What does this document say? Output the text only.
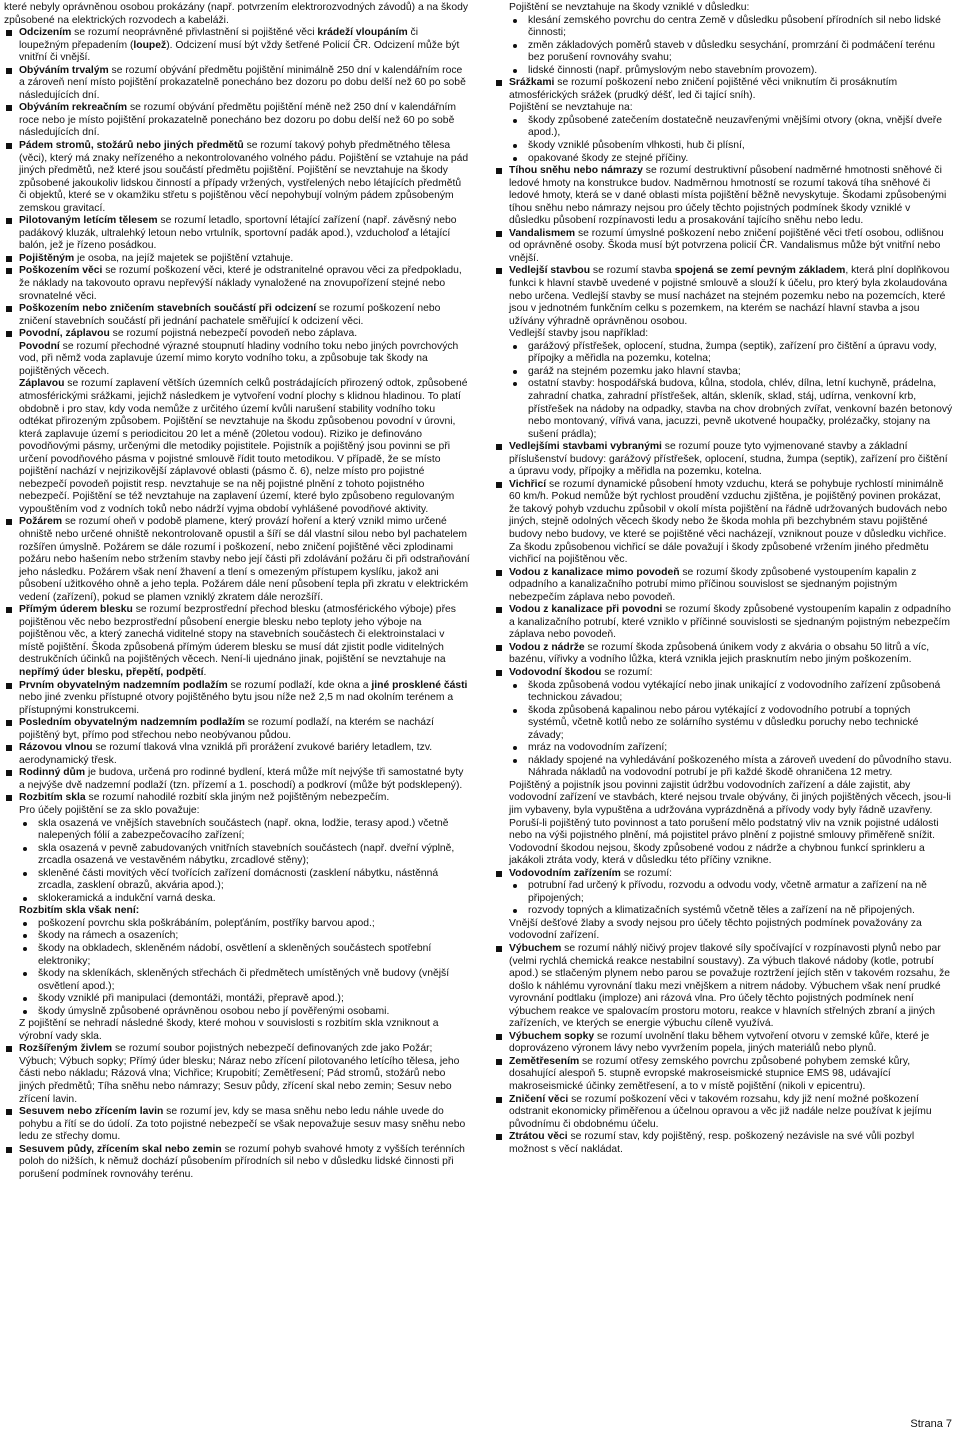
které nebyly oprávněnou osobou prokázány (např. potvrzením elektrorozvodných závodů) a na škody způsobené na elektrických rozvodech a kabeláži.
Odcizením se rozumí neoprávněné přivlastnění si pojištěné věci krádeží vloupáním či loupežným přepadením (loupež). Odcizení musí být vždy šetřené Policií ČR. Odcizení může být vnitřní či vnější.
Obýváním trvalým se rozumí obývání předmětu pojištění minimálně 250 dní v kalendářním roce a zároveň není místo pojištění prokazatelně ponecháno bez dozoru po dobu delší než 60 po sobě následujících dní.
Obýváním rekreačním se rozumí obývání předmětu pojištění méně než 250 dní v kalendářním roce nebo je místo pojištění prokazatelně ponecháno bez dozoru po dobu delší než 60 po sobě následujících dní.
Pádem stromů, stožárů nebo jiných předmětů se rozumí takový pohyb předmětného tělesa (věci), který má znaky neřízeného a nekontrolovaného volného pádu. Pojištění se vztahuje na pád jiných předmětů, než které jsou součástí předmětu pojištění. Pojištění se nevztahuje na škody způsobené jakoukoliv lidskou činností a případy vržených, vystřelených nebo létajících předmětů či objektů, které se v okamžiku střetu s pojištěnou věcí nepohybují volným pádem způsobeným zemskou gravitací.
Pilotovaným letícím tělesem se rozumí letadlo, sportovní létající zařízení (např. závěsný nebo padákový kluzák, ultralehký letoun nebo vrtulník, sportovní padák apod.), vzducholoď a létající balón, jež je řízeno posádkou.
Pojištěným je osoba, na jejíž majetek se pojištění vztahuje.
Poškozením věci se rozumí poškození věci, které je odstranitelné opravou věci za předpokladu, že náklady na takovouto opravu nepřevýší náklady vynaložené na znovupořízení stejné nebo srovnatelné věci.
Poškozením nebo zničením stavebních součástí při odcizení se rozumí poškození nebo zničení stavebních součástí při jednání pachatele směřující k odcizení věci.
Povodní, záplavou se rozumí pojistná nebezpečí povodeň nebo záplava.
Povodní se rozumí přechodné výrazné stoupnutí hladiny vodního toku nebo jiných povrchových vod, při němž voda zaplavuje území mimo koryto vodního toku, a způsobuje tak škody na pojištěných věcech.
Záplavou se rozumí zaplavení větších územních celků postrádajících přirozený odtok, způsobené atmosférickými srážkami, jejichž následkem je vytvoření vodní plochy s klidnou hladinou. To platí obdobně i pro stav, kdy voda nemůže z určitého území kvůli narušení stability vodního toku odtékat přirozeným způsobem. Pojištění se nevztahuje na škodu způsobenou povodní v úrovni, která zaplavuje území s periodicitou 20 let a méně (20letou vodou). Riziko je definováno povodňovými pásmy, určenými dle metodiky pojistitele. Pojistník a pojištěný jsou povinni se při určení povodňového pásma v pojistné smlouvě řídit touto metodikou. V případě, že se místo pojištění nachází v nejrizikovější záplavové oblasti (pásmo č. 6), nelze místo pro pojistné nebezpečí povodeň pojistit resp. nevztahuje se na něj pojistné plnění z tohoto pojistného nebezpečí. Pojištění se též nevztahuje na zaplavení území, které bylo způsobeno regulovaným vypouštěním vod z vodních toků nebo nádrží vyjma období vyhlášené povodňové aktivity.
Požárem se rozumí oheň v podobě plamene, který provází hoření a který vznikl mimo určené ohniště nebo určené ohniště nekontrolovaně opustil a šíří se dál vlastní silou nebo byl pachatelem rozšířen úmyslně. Požárem se dále rozumí i poškození, nebo zničení pojištěné věci zplodinami požáru nebo hašením nebo stržením stavby nebo její části při zdolávání požáru či při odstraňování jeho následku. Požárem však není žhavení a tlení s omezeným přístupem kyslíku, jakož ani působení užitkového ohně a jeho tepla. Požárem dále není působení tepla při zkratu v elektrickém vedení (zařízení), pokud se plamen vzniklý zkratem dále nerozšíří.
Přímým úderem blesku se rozumí bezprostřední přechod blesku (atmosférického výboje) přes pojištěnou věc nebo bezprostřední působení energie blesku nebo teploty jeho výboje na pojištěnou věc, a který zanechá viditelné stopy na stavebních součástech či elektroinstalaci v místě pojištění. Škoda způsobená přímým úderem blesku se musí dát zjistit podle viditelných destrukčních účinků na pojištěných věcech. Není-li ujednáno jinak, pojištění se nevztahuje na nepřímý úder blesku, přepětí, podpětí.
Prvním obyvatelným nadzemním podlažím se rozumí podlaží, kde okna a jiné prosklené části nebo jiné zvenku přístupné otvory pojištěného bytu jsou níže než 2,5 m nad okolním terénem a přístupnými konstrukcemi.
Posledním obyvatelným nadzemním podlažím se rozumí podlaží, na kterém se nachází pojištěný byt, přímo pod střechou nebo neobývanou půdou.
Rázovou vlnou se rozumí tlaková vlna vzniklá při prorážení zvukové bariéry letadlem, tzv. aerodynamický třesk.
Rodinný dům je budova, určená pro rodinné bydlení, která může mít nejvýše tři samostatné byty a nejvýše dvě nadzemní podlaží (tzn. přízemí a 1. poschodí) a podkroví (může být podsklepený).
Rozbitím skla se rozumí nahodilé rozbití skla jiným než pojištěným nebezpečím.
Pro účely pojištění se za sklo považuje:
skla osazená ve vnějších stavebních součástech (např. okna, lodžie, terasy apod.) včetně nalepených fólií a zabezpečovacího zařízení;
skla osazená v pevně zabudovaných vnitřních stavebních součástech (např. dveřní výplně, zrcadla osazená ve vestavěném nábytku, zrcadlové stěny);
skleněné části movitých věcí tvořících zařízení domácnosti (zasklení nábytku, nástěnná zrcadla, zasklení obrazů, akvária apod.);
sklokeramická a indukční varná deska.
Rozbitím skla však není:
poškození povrchu skla poškrábáním, polepťáním, postříky barvou apod.;
škody na rámech a osazeních;
škody na obkladech, skleněném nádobí, osvětlení a skleněných součástech spotřební elektroniky;
škody na skleníkách, skleněných střechách či předmětech umístěných vně budovy (vnější osvětlení apod.);
škody vzniklé při manipulaci (demontáži, montáži, přepravě apod.);
škody úmyslně způsobené oprávněnou osobou nebo jí pověřenými osobami.
Z pojištění se nehradí následné škody, které mohou v souvislosti s rozbitím skla vzniknout a výrobní vady skla.
Rozšířeným živlem se rozumí soubor pojistných nebezpečí definovaných zde jako Požár; Výbuch; Výbuch sopky; Přímý úder blesku; Náraz nebo zřícení pilotovaného letícího tělesa, jeho části nebo nákladu; Rázová vlna; Vichřice; Krupobití; Zemětřesení; Pád stromů, stožárů nebo jiných předmětů; Tíha sněhu nebo námrazy; Sesuv půdy, zřícení skal nebo zemin; Sesuv nebo zřícení lavin.
Sesuvem nebo zřícením lavin se rozumí jev, kdy se masa sněhu nebo ledu náhle uvede do pohybu a řítí se do údolí. Za toto pojistné nebezpečí se však nepovažuje sesuv masy sněhu nebo ledu ze střechy domu.
Sesuvem půdy, zřícením skal nebo zemin se rozumí pohyb svahové hmoty z vyšších terénních poloh do nižších, k němuž dochází působením přírodních sil nebo v důsledku lidské činnosti při porušení podmínek rovnováhy terénu.
Pojištění se nevztahuje na škody vzniklé v důsledku:
klesání zemského povrchu do centra Země v důsledku působení přírodních sil nebo lidské činnosti;
změn základových poměrů staveb v důsledku sesychání, promrzání či podmáčení terénu bez porušení rovnováhy svahu;
lidské činnosti (např. průmyslovým nebo stavebním provozem).
Srážkami se rozumí poškození nebo zničení pojištěné věci vniknutím či prosáknutím atmosférických srážek (prudký déšť, led či tající sníh).
Pojištění se nevztahuje na:
škody způsobené zatečením dostatečně neuzavřenými vnějšími otvory (okna, vnější dveře apod.),
škody vzniklé působením vlhkosti, hub či plísní,
opakované škody ze stejné příčiny.
Tíhou sněhu nebo námrazy se rozumí destruktivní působení nadměrné hmotnosti sněhové či ledové hmoty na konstrukce budov. Nadměrnou hmotností se rozumí taková tíha sněhové či ledové hmoty, která se v dané oblasti místa pojištění běžně nevyskytuje. Škodami způsobenými tíhou sněhu nebo námrazy nejsou pro účely těchto pojistných podmínek škody vzniklé v důsledku působení rozpínavosti ledu a prosakování tajícího sněhu nebo ledu.
Vandalismem se rozumí úmyslné poškození nebo zničení pojištěné věci třetí osobou, odlišnou od oprávněné osoby. Škoda musí být potvrzena policií ČR. Vandalismus může být vnitřní nebo vnější.
Vedlejší stavbou se rozumí stavba spojená se zemí pevným základem, která plní doplňkovou funkci k hlavní stavbě uvedené v pojistné smlouvě a slouží k účelu, pro který byla zkolaudována nebo určena. Vedlejší stavby se musí nacházet na stejném pozemku nebo na pozemcích, které jsou v jednotném funkčním celku s pozemkem, na kterém se nachází hlavní stavba a jsou užívány výhradně oprávněnou osobou.
Vedlejší stavby jsou například:
garážový přístřešek, oplocení, studna, žumpa (septik), zařízení pro čištění a úpravu vody, přípojky a měřidla na pozemku, kotelna;
garáž na stejném pozemku jako hlavní stavba;
ostatní stavby: hospodářská budova, kůlna, stodola, chlév, dílna, letní kuchyně, prádelna, zahradní chatka, zahradní přístřešek, altán, skleník, sklad, stáj, udírna, venkovní krb, přístřešek na nádoby na odpadky, stavba na chov drobných zvířat, venkovní bazén betonový nebo montovaný, vířivá vana, jacuzzi, pevně ukotvené houpačky, prolézačky, stojany na sušení prádla);
Vedlejšími stavbami vybranými se rozumí pouze tyto vyjmenované stavby a základní příslušenství budovy: garážový přístřešek, oplocení, studna, žumpa (septik), zařízení pro čištění a úpravu vody, přípojky a měřidla na pozemku, kotelna.
Vichřicí se rozumí dynamické působení hmoty vzduchu, která se pohybuje rychlostí minimálně 60 km/h. Pokud nemůže být rychlost proudění vzduchu zjištěna, je pojištěný povinen prokázat, že takový pohyb vzduchu způsobil v okolí místa pojištění na řádně udržovaných budovách nebo jiných, stejně odolných věcech škody nebo že škoda mohla při bezchybném stavu pojištěné budovy nebo budovy, ve které se pojištěné věci nacházejí, vzniknout pouze v důsledku vichřice. Za škodu způsobenou vichřicí se dále považují i škody způsobené vržením jiného předmětu vichřicí na pojištěnou věc.
Vodou z kanalizace mimo povodeň se rozumí škody způsobené vystoupením kapalin z odpadního a kanalizačního potrubí mimo příčinou souvislost se sjednaným pojistným nebezpečím záplava nebo povodeň.
Vodou z kanalizace při povodni se rozumí škody způsobené vystoupením kapalin z odpadního a kanalizačního potrubí, které vzniklo v příčinné souvislosti se sjednaným pojistným nebezpečím záplava nebo povodeň.
Vodou z nádrže se rozumí škoda způsobená únikem vody z akvária o obsahu 50 litrů a víc, bazénu, vířivky a vodního lůžka, která vznikla jejich prasknutím nebo jiným poškozením.
Vodovodní škodou se rozumí:
škoda způsobená vodou vytékající nebo jinak unikající z vodovodního zařízení způsobená technickou závadou;
škoda způsobená kapalinou nebo párou vytékající z vodovodního potrubí a topných systémů, včetně kotlů nebo ze solárního systému v důsledku poruchy nebo technické závady;
mráz na vodovodním zařízení;
náklady spojené na vyhledávání poškozeného místa a zároveň uvedení do původního stavu. Náhrada nákladů na vodovodní potrubí je při každé škodě ohraničena 12 metry.
Pojištěný a pojistník jsou povinni zajistit údržbu vodovodních zařízení a dále zajistit, aby vodovodní zařízení ve stavbách, které nejsou trvale obývány, či jiných pojištěných věcech, jsou-li jim vybaveny, byla vypuštěna a udržována vyprázdněná a přívody vody byly řádně uzavřeny. Poruší-li pojištěný tuto povinnost a tato porušení mělo podstatný vliv na vznik pojistné události nebo na výši pojistného plnění, má pojistitel právo plnění z pojistné smlouvy přiměřeně snížit. Vodovodní škodou nejsou, škody způsobené vodou z nádrže a chybnou funkcí sprinkleru a jakákoli ztráta vody, která v důsledku této příčiny vznikne.
Vodovodním zařízením se rozumí:
potrubní řad určený k přívodu, rozvodu a odvodu vody, včetně armatur a zařízení na ně připojených;
rozvody topných a klimatizačních systémů včetně těles a zařízení na ně připojených.
Vnější dešťové žlaby a svody nejsou pro účely těchto pojistných podmínek považovány za vodovodní zařízení.
Výbuchem se rozumí náhlý ničivý projev tlakové síly spočívající v rozpínavosti plynů nebo par (velmi rychlá chemická reakce nestabilní soustavy). Za výbuch tlakové nádoby (kotle, potrubí apod.) se stlačeným plynem nebo parou se považuje roztržení jejích stěn v takovém rozsahu, že došlo k náhlému vyrovnání tlaku mezi vnějškem a nitrem nádoby. Výbuchem však není prudké vyrovnání podtlaku (imploze) ani rázová vlna. Pro účely těchto pojistných podmínek není výbuchem reakce ve spalovacím prostoru motoru, reakce v hlavních střelných zbraní a jiných zařízeních, ve kterých se energie výbuchu cíleně využívá.
Výbuchem sopky se rozumí uvolnění tlaku během vytvoření otvoru v zemské kůře, které je doprovázeno výronem lávy nebo vyvržením popela, jiných materiálů nebo plynů.
Zemětřesením se rozumí otřesy zemského povrchu způsobené pohybem zemské kůry, dosahující alespoň 5. stupně evropské makroseismické stupnice EMS 98, udávající makroseismické účinky zemětřesení, a to v místě pojištění (nikoli v epicentru).
Zničení věci se rozumí poškození věci v takovém rozsahu, kdy již není možné poškození odstranit ekonomicky přiměřenou a účelnou opravou a věc již nadále nelze používat k jejímu původnímu či obdobnému účelu.
Ztrátou věci se rozumí stav, kdy pojištěný, resp. poškozený nezávisle na své vůli pozbyl možnost s věcí nakládat.
Strana 7
